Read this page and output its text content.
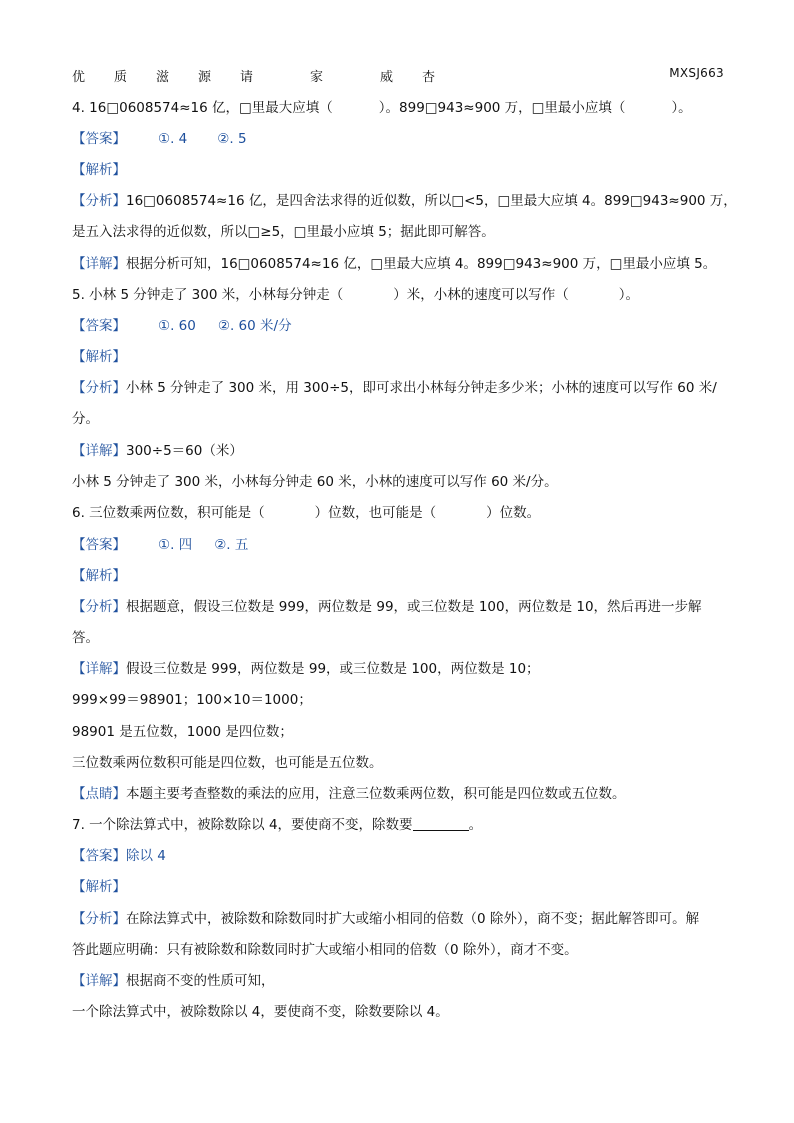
优 质 滋 源 请	家	威 杏	MXSJ663
4. 16□0608574≈16 亿，□里最大应填（	）。899□943≈900 万，□里最小应填（	）。
【答案】 ①. 4 ②. 5
【解析】
【分析】16□0608574≈16 亿，是四舍法求得的近似数，所以□<5，□里最大应填 4。899□943≈900 万，
是五入法求得的近似数，所以□≥5，□里最小应填 5；据此即可解答。
【详解】根据分析可知，16□0608574≈16 亿，□里最大应填 4。899□943≈900 万，□里最小应填 5。
5. 小林 5 分钟走了 300 米，小林每分钟走（	）米，小林的速度可以写作（	）。
【答案】 ①. 60 ②. 60 米/分
【解析】
【分析】小林 5 分钟走了 300 米，用 300÷5，即可求出小林每分钟走多少米；小林的速度可以写作 60 米/
分。
【详解】300÷5＝60（米）
小林 5 分钟走了 300 米，小林每分钟走 60 米，小林的速度可以写作 60 米/分。
6. 三位数乘两位数，积可能是（	）位数，也可能是（	）位数。
【答案】 ①. 四 ②. 五
【解析】
【分析】根据题意，假设三位数是 999，两位数是 99，或三位数是 100，两位数是 10，然后再进一步解
答。
【详解】假设三位数是 999，两位数是 99，或三位数是 100，两位数是 10；
999×99＝98901；100×10＝1000；
98901 是五位数，1000 是四位数；
三位数乘两位数积可能是四位数，也可能是五位数。
【点睛】本题主要考查整数的乘法的应用，注意三位数乘两位数，积可能是四位数或五位数。
7. 一个除法算式中，被除数除以 4，要使商不变，除数要	。
【答案】除以 4
【解析】
【分析】在除法算式中，被除数和除数同时扩大或缩小相同的倍数（0 除外），商不变；据此解答即可。解
答此题应明确：只有被除数和除数同时扩大或缩小相同的倍数（0 除外），商才不变。
【详解】根据商不变的性质可知，
一个除法算式中，被除数除以 4，要使商不变，除数要除以 4。
